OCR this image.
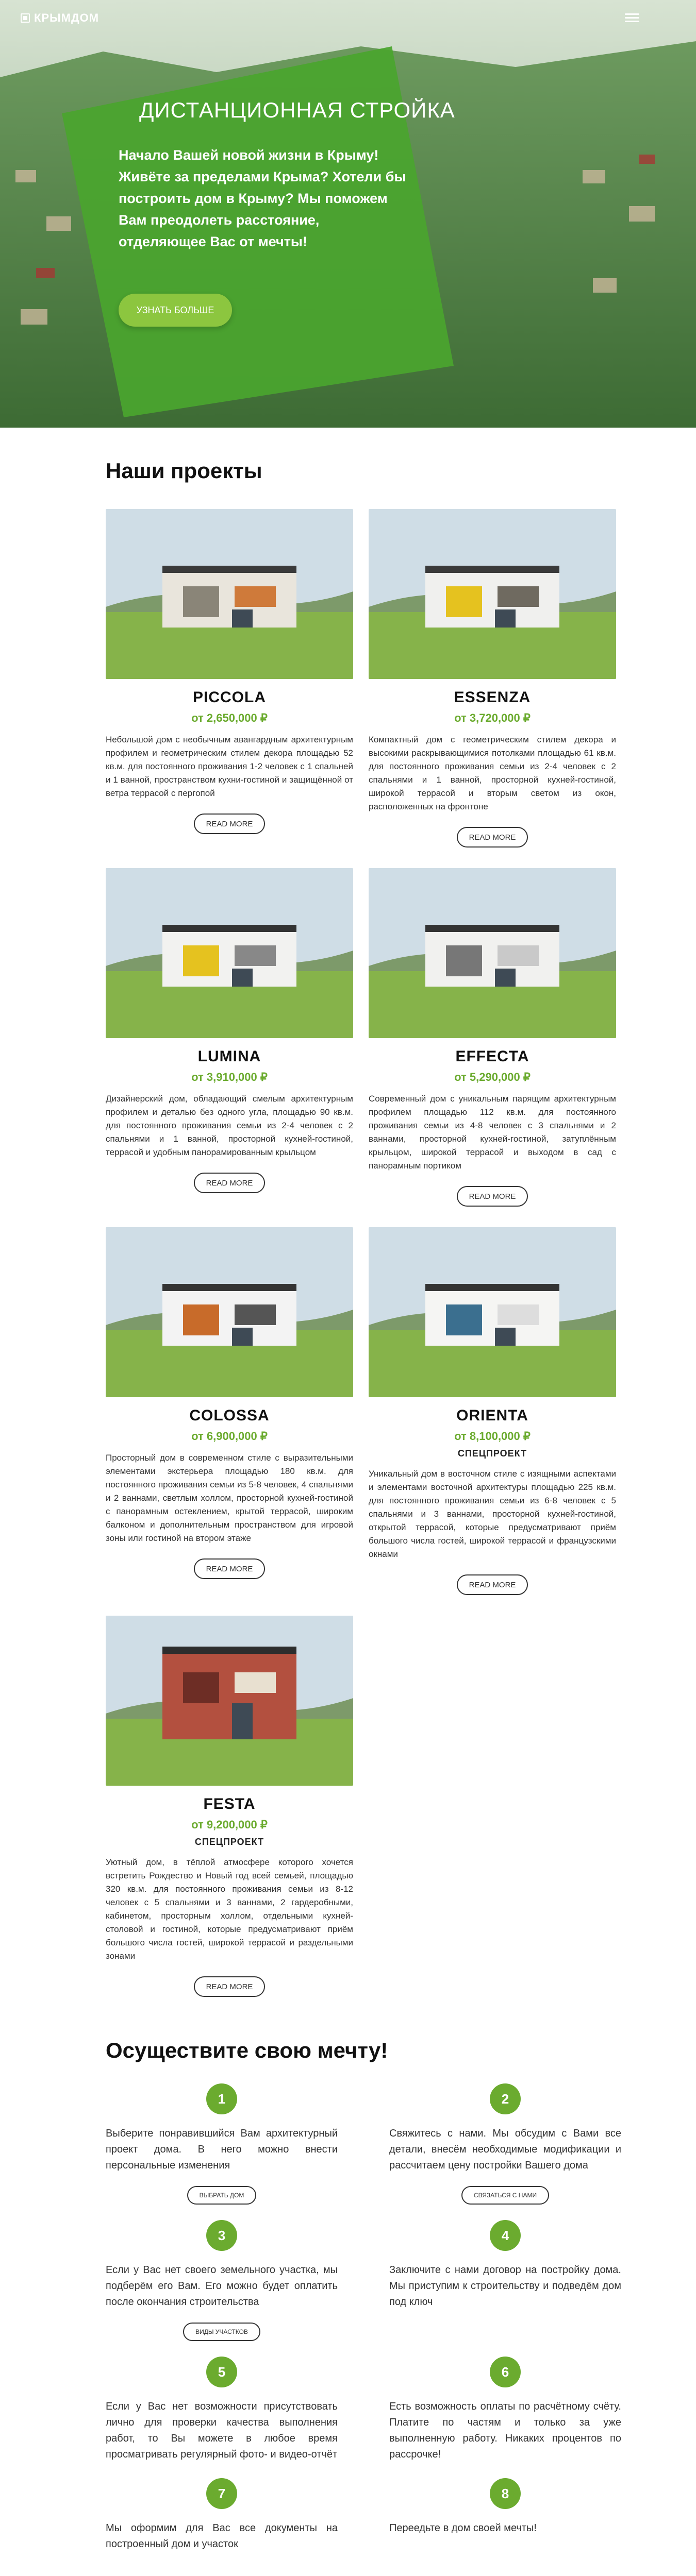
КРЫМДОМ
ДИСТАНЦИОННАЯ СТРОЙКА

Начало Вашей новой жизни в Крыму! Живёте за пределами Крыма? Хотели бы построить дом в Крыму? Мы поможем Вам преодолеть расстояние, отделяющее Вас от мечты!

УЗНАТЬ БОЛЬШЕ
Наши проекты
PICCOLA
от 2,650,000 ₽

Небольшой дом с необычным авангардным архитектурным профилем и геометрическим стилем декора площадью 52 кв.м. для постоянного проживания 1-2 человек с 1 спальней и 1 ванной, пространством кухни-гостиной и защищённой от ветра террасой с пергопой

READ MORE
ESSENZA
от 3,720,000 ₽

Компактный дом с геометрическим стилем декора и высокими раскрывающимися потолками площадью 61 кв.м. для постоянного проживания семьи из 2-4 человек с 2 спальнями и 1 ванной, просторной кухней-гостиной, широкой террасой и вторым светом из окон, расположенных на фронтоне

READ MORE
LUMINA
от 3,910,000 ₽

Дизайнерский дом, обладающий смелым архитектурным профилем и деталью без одного угла, площадью 90 кв.м. для постоянного проживания семьи из 2-4 человек с 2 спальнями и 1 ванной, просторной кухней-гостиной, террасой и удобным панорамированным крыльцом

READ MORE
EFFECTA
от 5,290,000 ₽

Современный дом с уникальным парящим архитектурным профилем площадью 112 кв.м. для постоянного проживания семьи из 4-8 человек с 3 спальнями и 2 ваннами, просторной кухней-гостиной, затуплённым крыльцом, широкой террасой и выходом в сад с панорамным портиком

READ MORE
COLOSSA
от 6,900,000 ₽

Просторный дом в современном стиле с выразительными элементами экстерьера площадью 180 кв.м. для постоянного проживания семьи из 5-8 человек, 4 спальнями и 2 ваннами, светлым холлом, просторной кухней-гостиной с панорамным остеклением, крытой террасой, широким балконом и дополнительным пространством для игровой зоны или гостиной на втором этаже

READ MORE
ORIENTA
от 8,100,000 ₽
СПЕЦПРОЕКТ

Уникальный дом в восточном стиле с изящными аспектами и элементами восточной архитектуры площадью 225 кв.м. для постоянного проживания семьи из 6-8 человек с 5 спальнями и 3 ваннами, просторной кухней-гостиной, открытой террасой, которые предусматривают приём большого числа гостей, широкой террасой и французскими окнами

READ MORE
FESTA
от 9,200,000 ₽
СПЕЦПРОЕКТ

Уютный дом, в тёплой атмосфере которого хочется встретить Рождество и Новый год всей семьей, площадью 320 кв.м. для постоянного проживания семьи из 8-12 человек с 5 спальнями и 3 ваннами, 2 гардеробными, кабинетом, просторным холлом, отдельными кухней-столовой и гостиной, которые предусматривают приём большого числа гостей, широкой террасой и раздельными зонами

READ MORE
Осуществите свою мечту!
1

Выберите понравившийся Вам архитектурный проект дома. В него можно внести персональные изменения

ВЫБРАТЬ ДОМ
2

Свяжитесь с нами. Мы обсудим с Вами все детали, внесём необходимые модификации и рассчитаем цену постройки Вашего дома

СВЯЗАТЬСЯ С НАМИ
3

Если у Вас нет своего земельного участка, мы подберём его Вам. Его можно будет оплатить после окончания строительства

ВИДЫ УЧАСТКОВ
4

Заключите с нами договор на постройку дома. Мы приступим к строительству и подведём дом под ключ

5

Если у Вас нет возможности присутствовать лично для проверки качества выполнения работ, то Вы можете в любое время просматривать регулярный фото- и видео-отчёт

6

Есть возможность оплаты по расчётному счёту. Платите по частям и только за уже выполненную работу. Никаких процентов по рассрочке!

7

Мы оформим для Вас все документы на построенный дом и участок

8

Переедьте в дом своей мечты!
